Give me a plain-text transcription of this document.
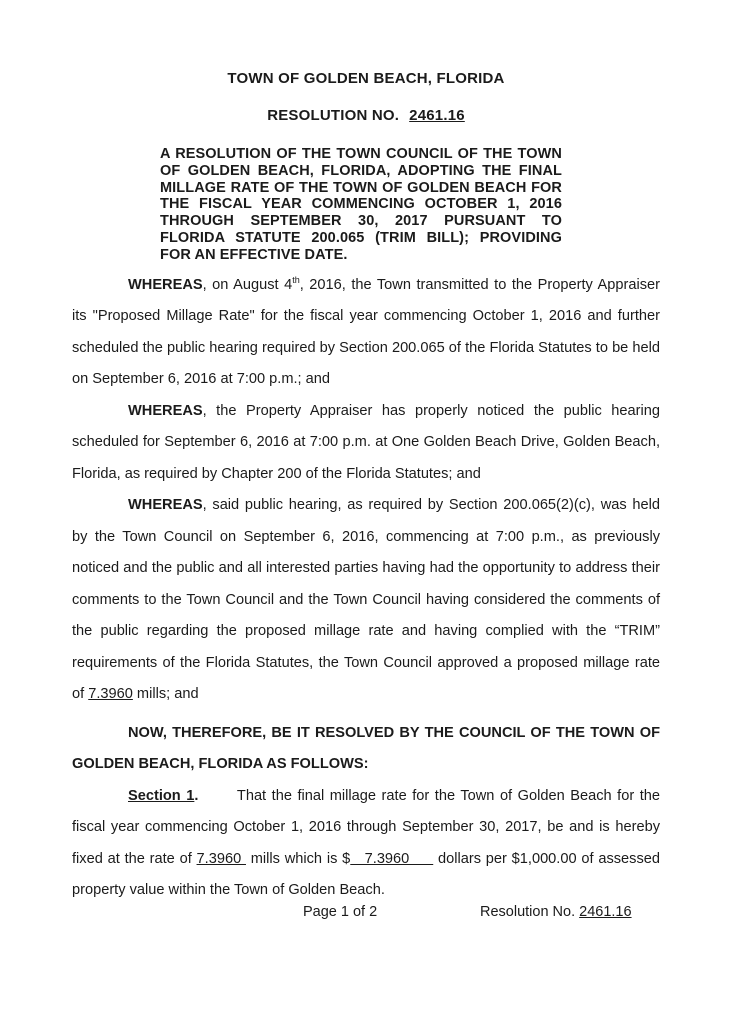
TOWN OF GOLDEN BEACH, FLORIDA
RESOLUTION NO. 2461.16
A RESOLUTION OF THE TOWN COUNCIL OF THE TOWN OF GOLDEN BEACH, FLORIDA, ADOPTING THE FINAL MILLAGE RATE OF THE TOWN OF GOLDEN BEACH FOR THE FISCAL YEAR COMMENCING OCTOBER 1, 2016 THROUGH SEPTEMBER 30, 2017 PURSUANT TO FLORIDA STATUTE 200.065 (TRIM BILL); PROVIDING FOR AN EFFECTIVE DATE.

WHEREAS, on August 4th, 2016, the Town transmitted to the Property Appraiser its "Proposed Millage Rate" for the fiscal year commencing October 1, 2016 and further scheduled the public hearing required by Section 200.065 of the Florida Statutes to be held on September 6, 2016 at 7:00 p.m.; and

WHEREAS, the Property Appraiser has properly noticed the public hearing scheduled for September 6, 2016 at 7:00 p.m. at One Golden Beach Drive, Golden Beach, Florida, as required by Chapter 200 of the Florida Statutes; and

WHEREAS, said public hearing, as required by Section 200.065(2)(c), was held by the Town Council on September 6, 2016, commencing at 7:00 p.m., as previously noticed and the public and all interested parties having had the opportunity to address their comments to the Town Council and the Town Council having considered the comments of the public regarding the proposed millage rate and having complied with the “TRIM” requirements of the Florida Statutes, the Town Council approved a proposed millage rate of 7.3960 mills; and

NOW, THEREFORE, BE IT RESOLVED BY THE COUNCIL OF THE TOWN OF GOLDEN BEACH, FLORIDA AS FOLLOWS:

Section 1.       That the final millage rate for the Town of Golden Beach for the fiscal year commencing October 1, 2016 through September 30, 2017, be and is hereby fixed at the rate of 7.3960  mills which is $   7.3960      dollars per $1,000.00 of assessed property value within the Town of Golden Beach.

Page 1 of 2	Resolution No. 2461.16
